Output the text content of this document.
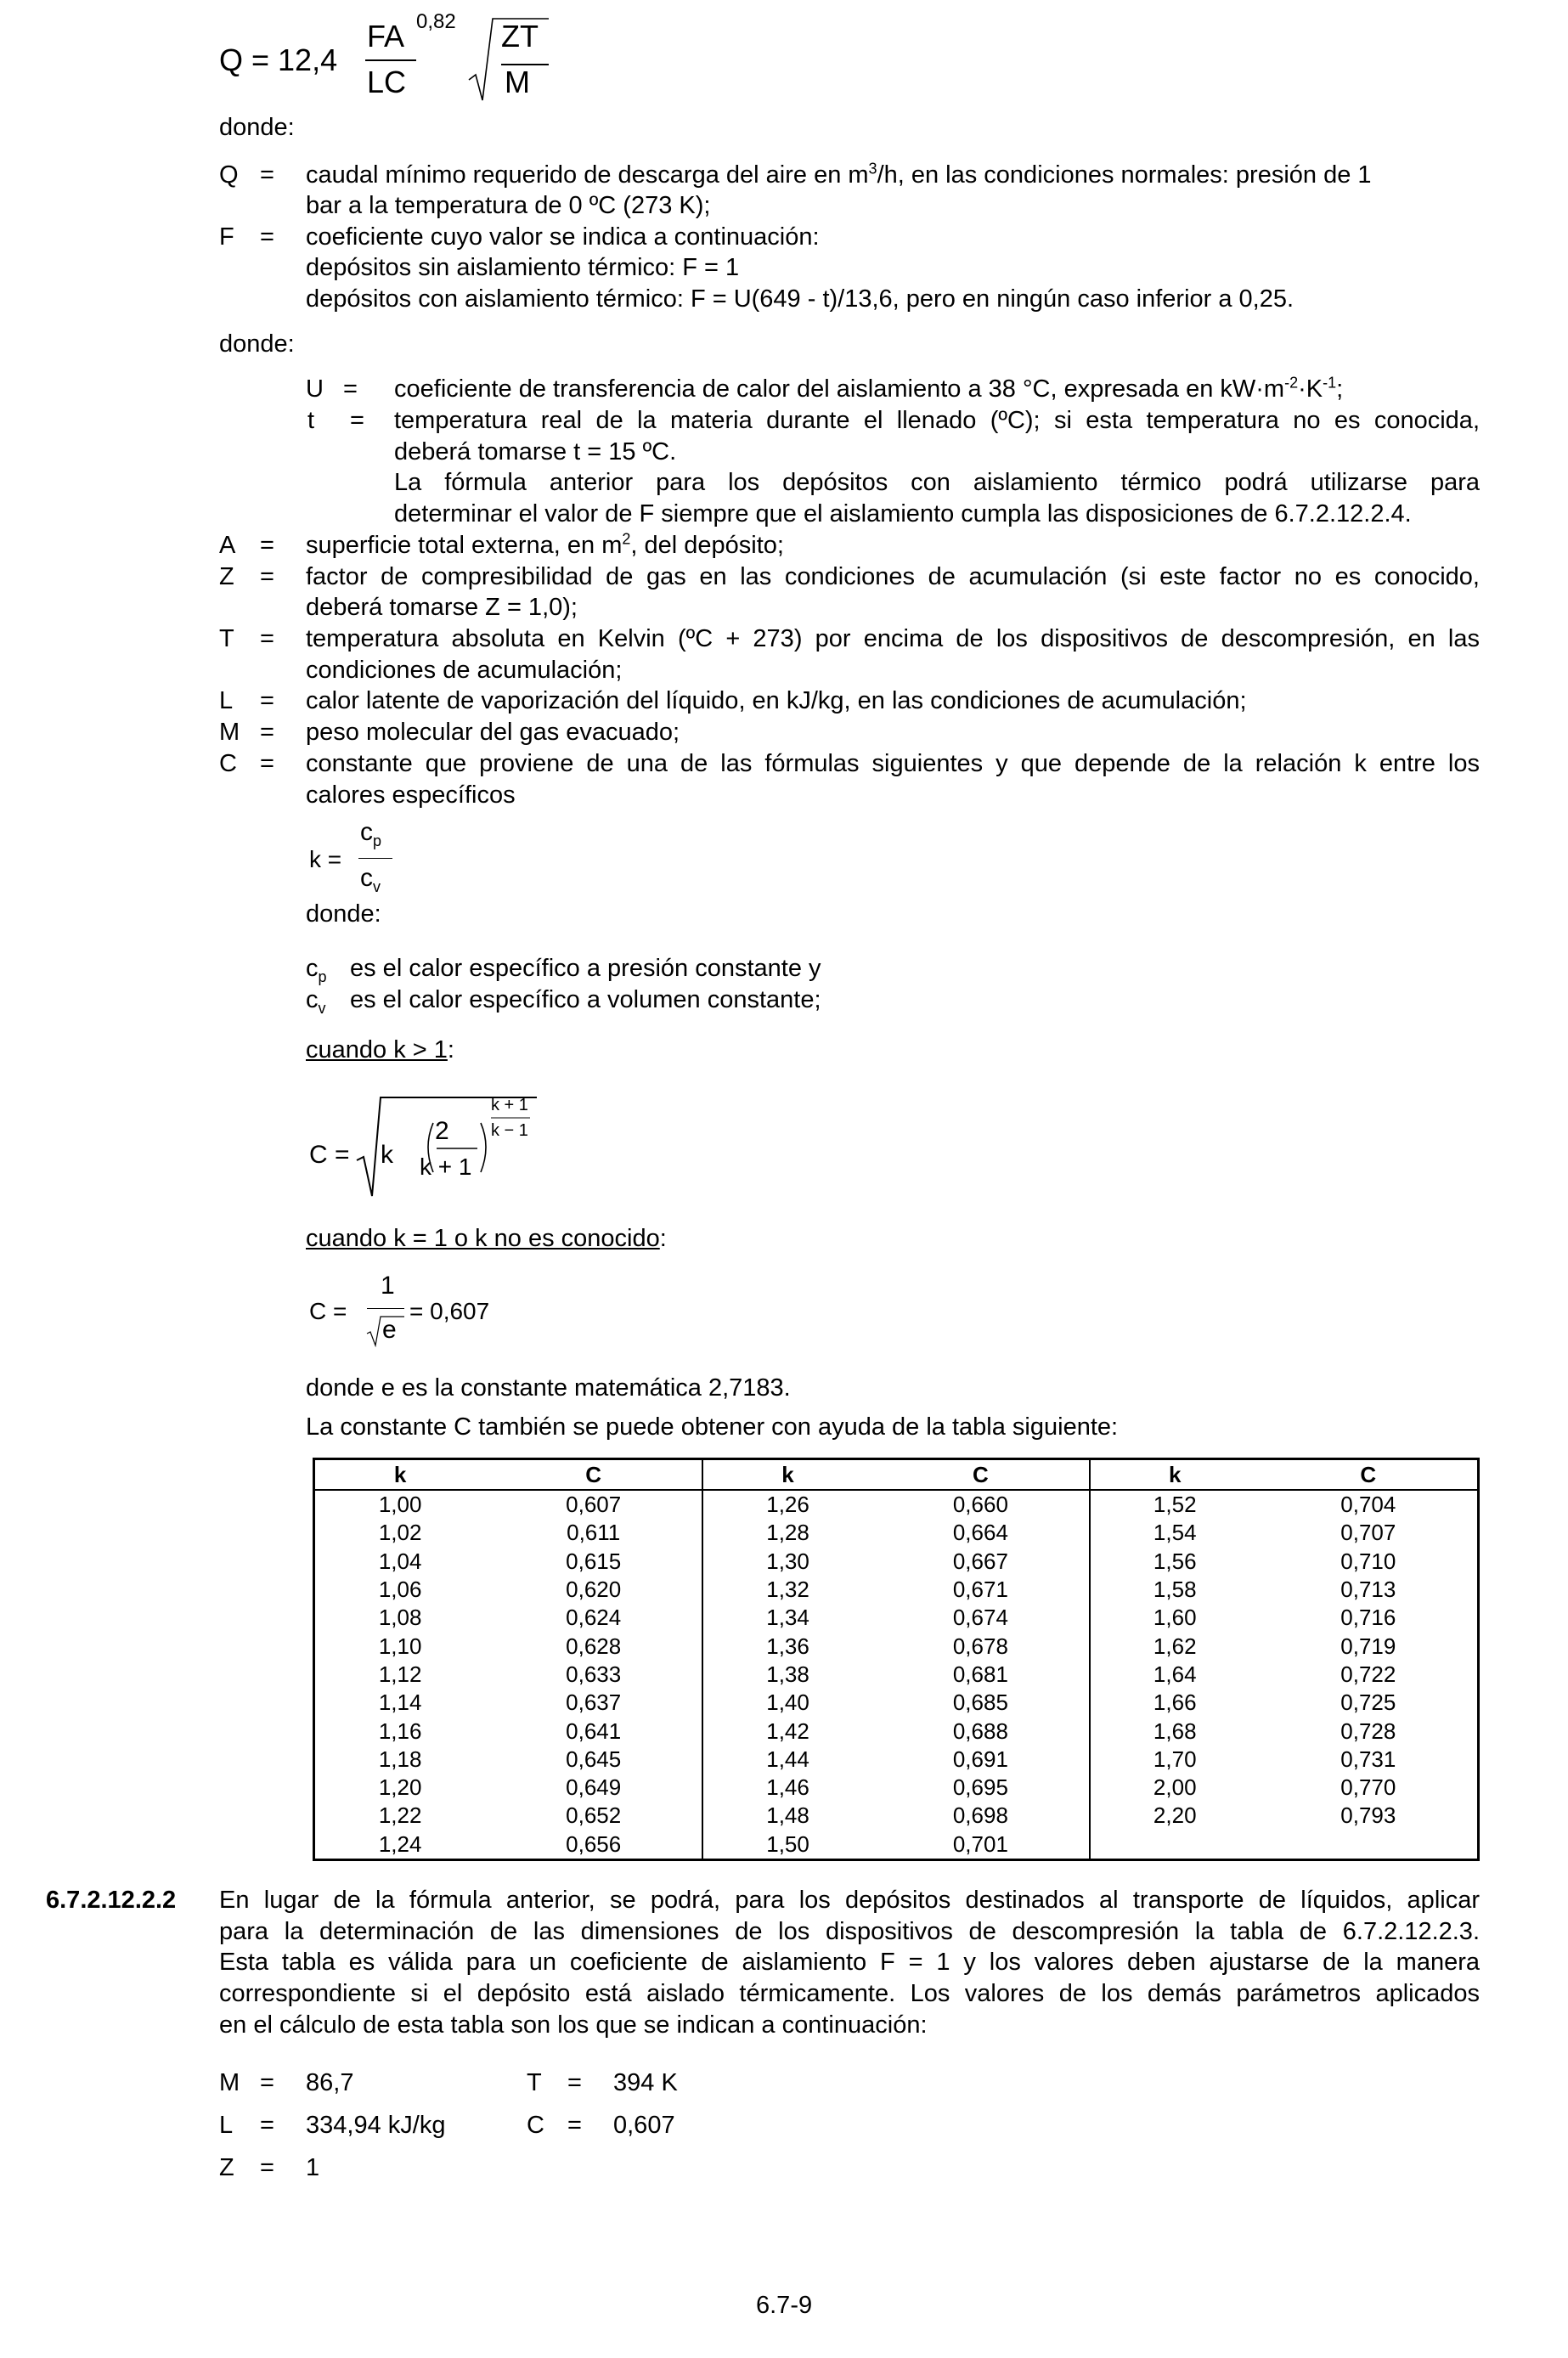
Q = 12,4
FA 0,82
LC
ZT
M
donde:
Q = caudal mínimo requerido de descarga del aire en $m^3/h$, en las condiciones normales: presión de 1
bar a la temperatura de 0 ºC (273 K);
F = coeficiente cuyo valor se indica a continuación:
depósitos sin aislamiento térmico: F = 1
depósitos con aislamiento térmico: F = U(649 - t)/13,6, pero en ningún caso inferior a 0,25.
donde:
U = coeficiente de transferencia de calor del aislamiento a 38 °C, expresada en $kW\cdot m^{-2}\cdot K^{-1}$;
t = temperatura real de la materia durante el llenado (ºC); si esta temperatura no es conocida,
deberá tomarse t = 15 ºC.
La fórmula anterior para los depósitos con aislamiento térmico podrá utilizarse para
determinar el valor de F siempre que el aislamiento cumpla las disposiciones de 6.7.2.12.2.4.
A = superficie total externa, en $m^2$, del depósito;
Z = factor de compresibilidad de gas en las condiciones de acumulación (si este factor no es conocido,
deberá tomarse Z = 1,0);
T = temperatura absoluta en Kelvin (ºC + 273) por encima de los dispositivos de descompresión, en las
condiciones de acumulación;
L = calor latente de vaporización del líquido, en kJ/kg, en las condiciones de acumulación;
M = peso molecular del gas evacuado;
C = constante que proviene de una de las fórmulas siguientes y que depende de la relación k entre los
calores específicos
k =
$c_p$
$c_v$
donde:
$c_p$ es el calor específico a presión constante y
$c_v$ es el calor específico a volumen constante;
cuando k > 1:
C = k
2
k + 1
k + 1
k − 1
cuando k = 1 o k no es conocido:
C =
1
e
= 0,607
donde e es la constante matemática 2,7183.
La constante C también se puede obtener con ayuda de la tabla siguiente:
k	C	k	C	k	C
1,00	0,607	1,26	0,660	1,52	0,704
1,02	0,611	1,28	0,664	1,54	0,707
1,04	0,615	1,30	0,667	1,56	0,710
1,06	0,620	1,32	0,671	1,58	0,713
1,08	0,624	1,34	0,674	1,60	0,716
1,10	0,628	1,36	0,678	1,62	0,719
1,12	0,633	1,38	0,681	1,64	0,722
1,14	0,637	1,40	0,685	1,66	0,725
1,16	0,641	1,42	0,688	1,68	0,728
1,18	0,645	1,44	0,691	1,70	0,731
1,20	0,649	1,46	0,695	2,00	0,770
1,22	0,652	1,48	0,698	2,20	0,793
1,24	0,656	1,50	0,701		
6.7.2.12.2.2 En lugar de la fórmula anterior, se podrá, para los depósitos destinados al transporte de líquidos, aplicar
para la determinación de las dimensiones de los dispositivos de descompresión la tabla de 6.7.2.12.2.3.
Esta tabla es válida para un coeficiente de aislamiento F = 1 y los valores deben ajustarse de la manera
correspondiente si el depósito está aislado térmicamente. Los valores de los demás parámetros aplicados
en el cálculo de esta tabla son los que se indican a continuación:
M = 86,7	T = 394 K
L = 334,94 kJ/kg	C = 0,607
Z = 1
6.7-9
